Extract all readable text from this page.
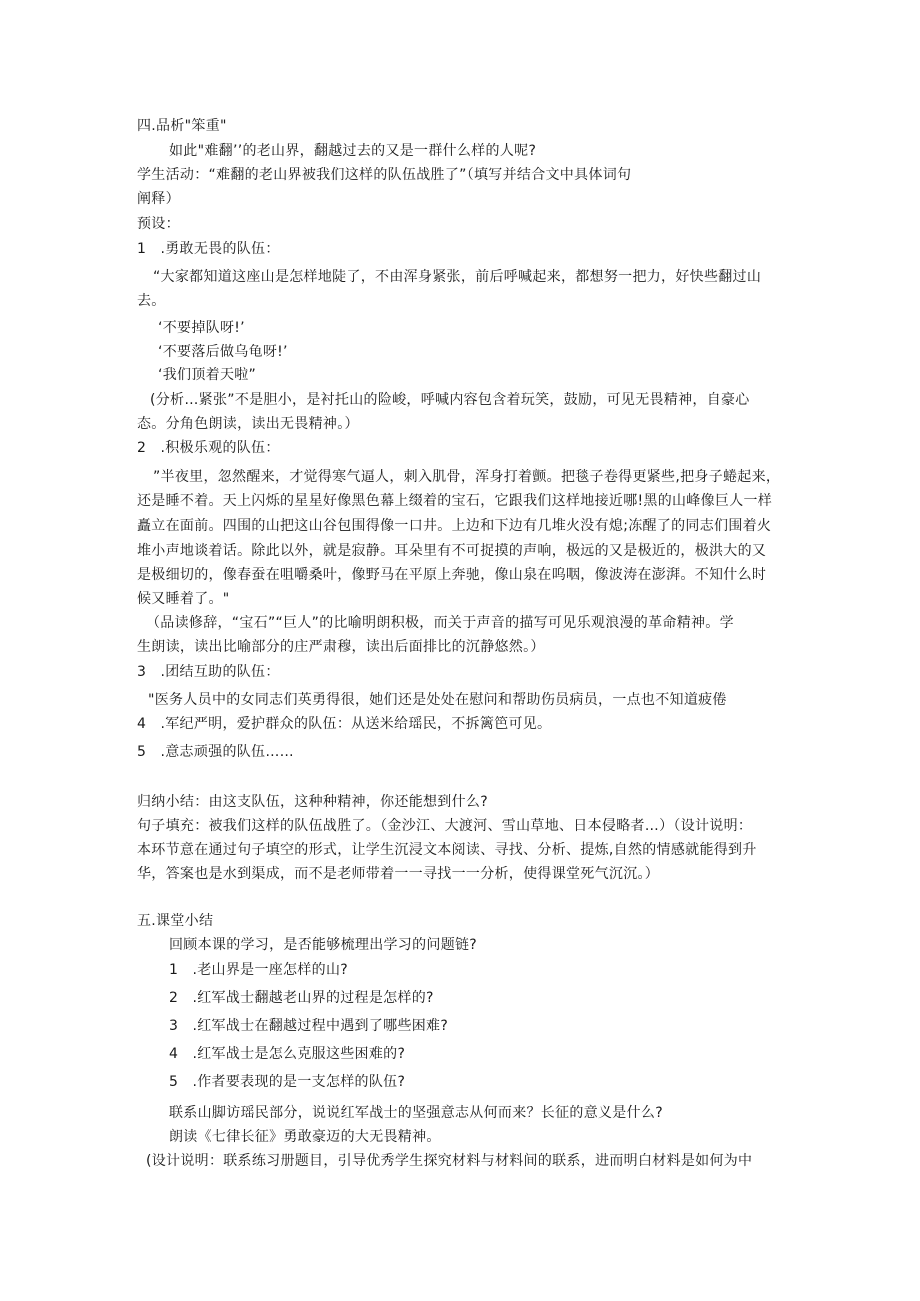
四.品析"笨重"
如此"难翻’’的老山界，翻越过去的又是一群什么样的人呢?
学生活动：“难翻的老山界被我们这样的队伍战胜了”（填写并结合文中具体词句
阐释）
预设：
1　.勇敢无畏的队伍：
“大家都知道这座山是怎样地陡了，不由浑身紧张，前后呼喊起来，都想努一把力，好快些翻过山
去。
‘不要掉队呀!’
‘不要落后做乌龟呀!’
‘我们顶着天啦”
(分析…紧张”不是胆小，是衬托山的险峻，呼喊内容包含着玩笑，鼓励，可见无畏精神，自豪心
态。分角色朗读，读出无畏精神。）
2　.积极乐观的队伍：
”半夜里，忽然醒来，才觉得寒气逼人，刺入肌骨，浑身打着颤。把毯子卷得更紧些,把身子蜷起来，
还是睡不着。天上闪烁的星星好像黑色幕上缀着的宝石，它跟我们这样地接近哪!黑的山峰像巨人一样
矗立在面前。四围的山把这山谷包围得像一口井。上边和下边有几堆火没有熄;冻醒了的同志们围着火
堆小声地谈着话。除此以外，就是寂静。耳朵里有不可捉摸的声响，极远的又是极近的，极洪大的又
是极细切的，像春蚕在咀嚼桑叶，像野马在平原上奔驰，像山泉在呜咽，像波涛在澎湃。不知什么时
候又睡着了。"
（品读修辞，“宝石”“巨人”的比喻明朗积极，而关于声音的描写可见乐观浪漫的革命精神。学
生朗读，读出比喻部分的庄严肃穆，读出后面排比的沉静悠然。）
3　.团结互助的队伍：
"医务人员中的女同志们英勇得很，她们还是处处在慰问和帮助伤员病员，一点也不知道疲倦
4　.军纪严明，爱护群众的队伍：从送米给瑶民，不拆篱笆可见。
5　.意志顽强的队伍……
归纳小结：由这支队伍，这种种精神，你还能想到什么?
句子填充：被我们这样的队伍战胜了。（金沙江、大渡河、雪山草地、日本侵略者…）（设计说明：
本环节意在通过句子填空的形式，让学生沉浸文本阅读、寻找、分析、提炼,自然的情感就能得到升
华，答案也是水到渠成，而不是老师带着一一寻找一一分析，使得课堂死气沉沉。）
五.课堂小结
回顾本课的学习，是否能够梳理出学习的问题链?
1　.老山界是一座怎样的山?
2　.红军战士翻越老山界的过程是怎样的?
3　.红军战士在翻越过程中遇到了哪些困难?
4　.红军战士是怎么克服这些困难的?
5　.作者要表现的是一支怎样的队伍?
联系山脚访瑶民部分，说说红军战士的坚强意志从何而来？长征的意义是什么?
朗读《七律长征》勇敢豪迈的大无畏精神。
(设计说明：联系练习册题目，引导优秀学生探究材料与材料间的联系，进而明白材料是如何为中
